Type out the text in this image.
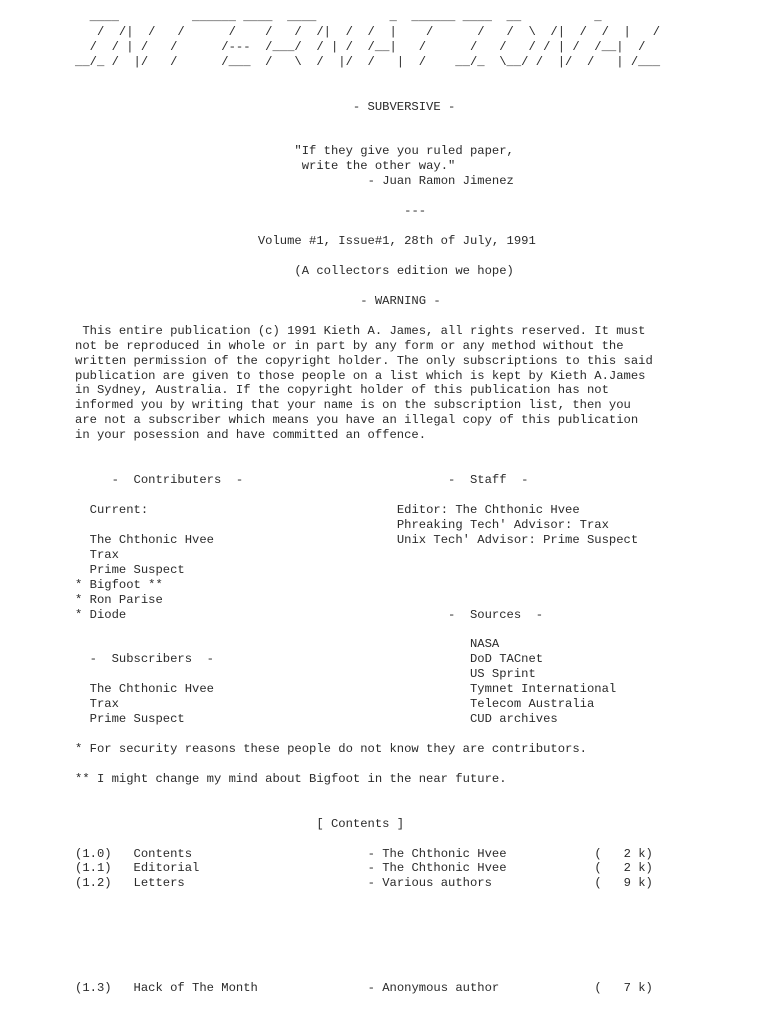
____          ______ ____  ____          _  ______ ____  __          _
/  /|  /   /      /    /   /  /|  /  /  |    /      /   /  \  /|  /  /  |   /
/  / | /   /      /---  /___/  / | /  /__|   /      /   /   / / | /  /__|  /
__/_ /  |/   /      /___  /   \  /  |/  /   |  /    __/_  \__/ /  |/  /   | /___
- SUBVERSIVE -
"If they give you ruled paper,
write the other way."
- Juan Ramon Jimenez
---
Volume #1, Issue#1, 28th of July, 1991
(A collectors edition we hope)
- WARNING -
This entire publication (c) 1991 Kieth A. James, all rights reserved. It must
not be reproduced in whole or in part by any form or any method without the
written permission of the copyright holder. The only subscriptions to this said
publication are given to those people on a list which is kept by Kieth A.James
in Sydney, Australia. If the copyright holder of this publication has not
informed you by writing that your name is on the subscription list, then you
are not a subscriber which means you have an illegal copy of this publication
in your posession and have committed an offence.
-  Contributers  -	-  Staff  -
Current:	Editor: The Chthonic Hvee
Phreaking Tech' Advisor: Trax
The Chthonic Hvee	Unix Tech' Advisor: Prime Suspect
Trax
Prime Suspect
* Bigfoot **
* Ron Parise
* Diode	-  Sources  -
NASA
-  Subscribers  -	DoD TACnet
US Sprint
The Chthonic Hvee	Tymnet International
Trax	Telecom Australia
Prime Suspect	CUD archives
* For security reasons these people do not know they are contributors.
** I might change my mind about Bigfoot in the near future.
[ Contents ]
(1.0) Contents	- The Chthonic Hvee	(   2 k)
(1.1) Editorial	- The Chthonic Hvee	(   2 k)
(1.2) Letters	- Various authors	(   9 k)
(1.3) Hack of The Month	- Anonymous author	(   7 k)
